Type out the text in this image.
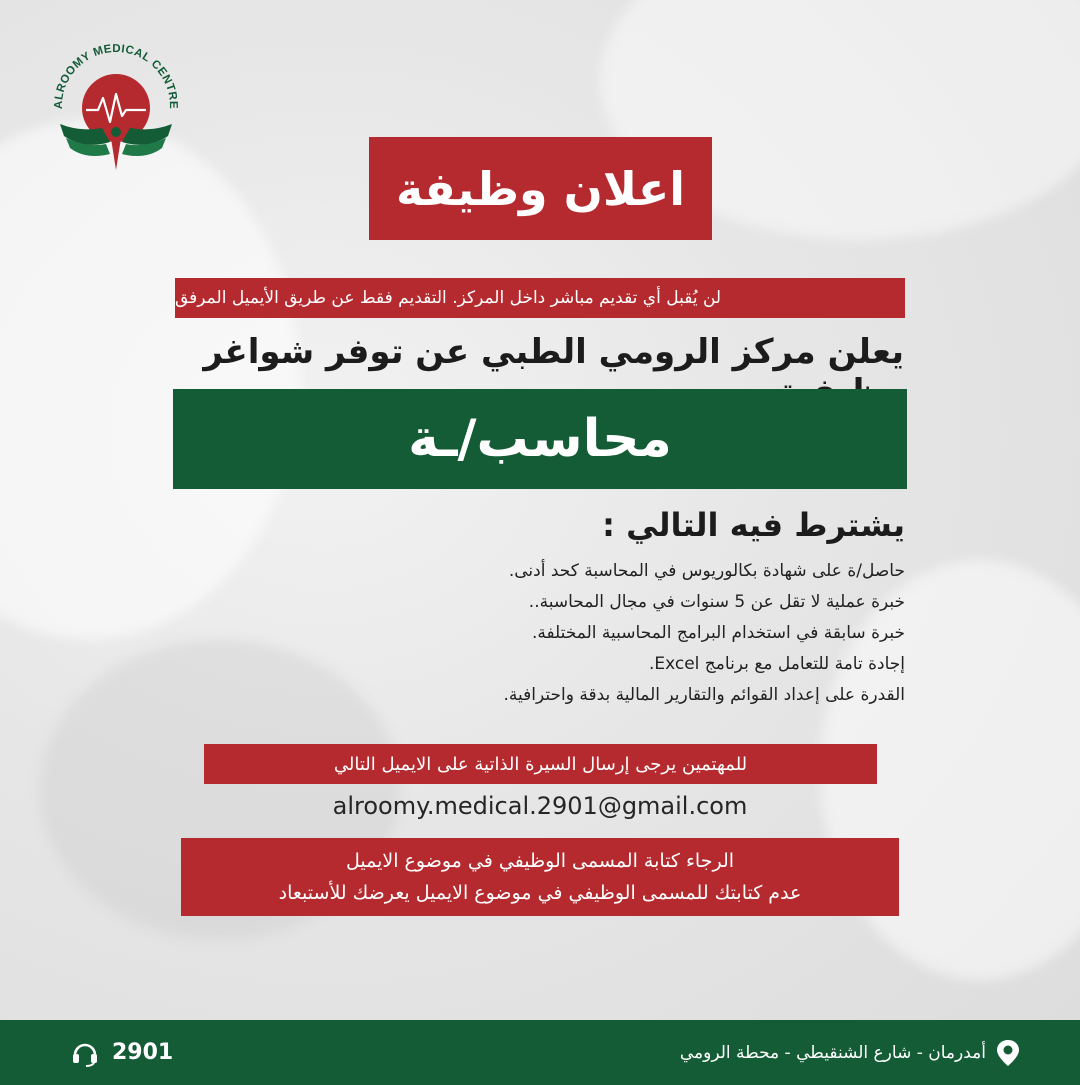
ALROOMY MEDICAL CENTRE
اعلان وظيفة
لن يُقبل أي تقديم مباشر داخل المركز. التقديم فقط عن طريق الأيميل المرفق
يعلن مركز الرومي الطبي عن توفر شواغر
محاسب/ـة
يشترط فيه التالي :
حاصل/ة على شهادة بكالوريوس في المحاسبة كحد أدنى.
خبرة عملية لا تقل عن 5 سنوات في مجال المحاسبة..
خبرة سابقة في استخدام البرامج المحاسبية المختلفة.
إجادة تامة للتعامل مع برنامج Excel.
القدرة على إعداد القوائم والتقارير المالية بدقة واحترافية.
للمهتمين يرجى إرسال السيرة الذاتية على الايميل التالي
alroomy.medical.2901@gmail.com
الرجاء كتابة المسمى الوظيفي في موضوع الايميل
عدم كتابتك للمسمى الوظيفي في موضوع الايميل يعرضك للأستبعاد
2901	أمدرمان - شارع الشنقيطي - محطة الرومي
